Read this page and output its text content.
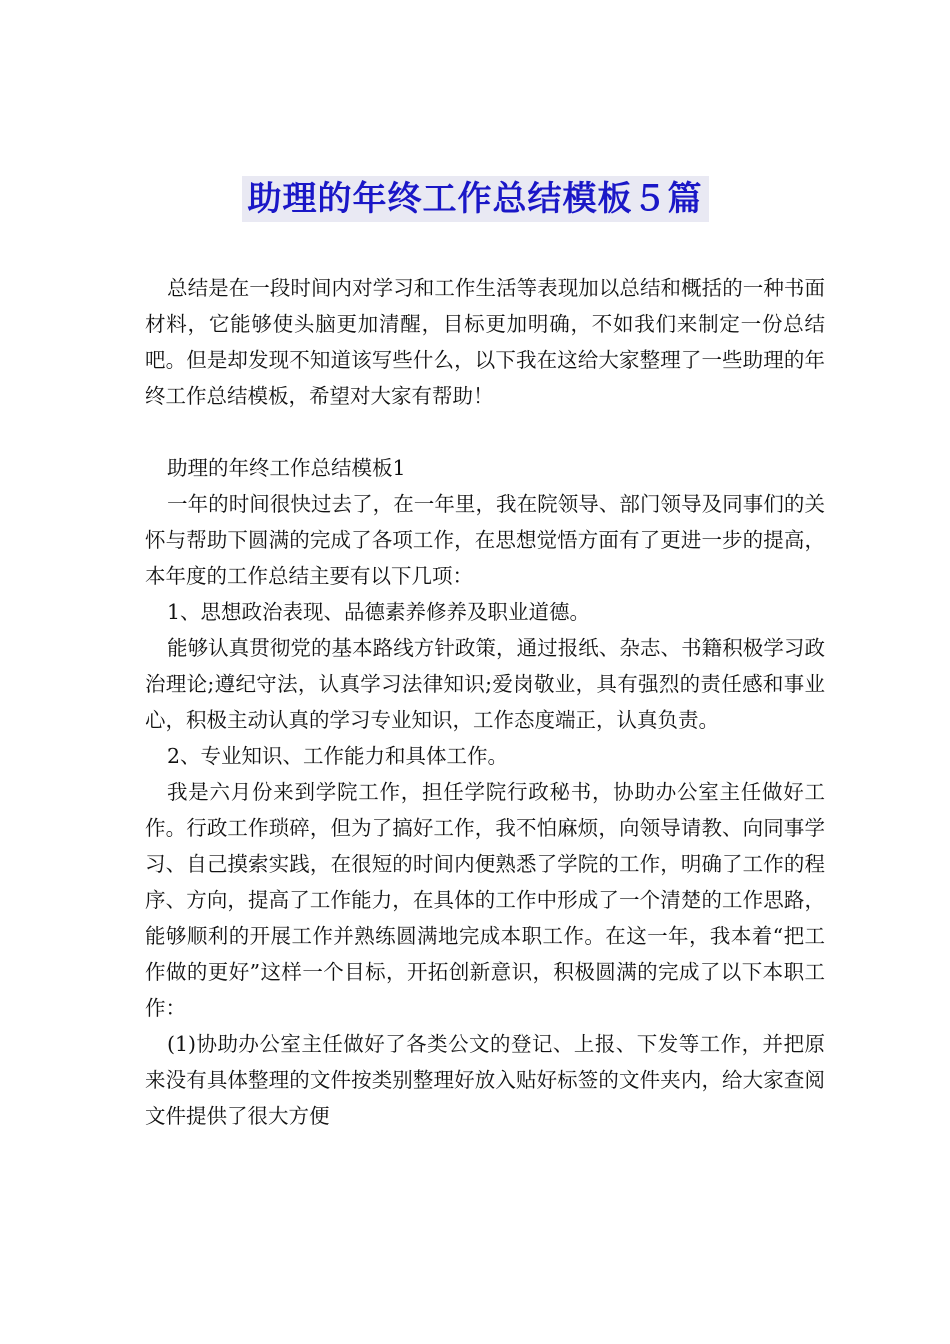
助理的年终工作总结模板５篇

总结是在一段时间内对学习和工作生活等表现加以总结和概括的一种书面材料，它能够使头脑更加清醒，目标更加明确，不如我们来制定一份总结吧。但是却发现不知道该写些什么，以下我在这给大家整理了一些助理的年终工作总结模板，希望对大家有帮助！

助理的年终工作总结模板1

一年的时间很快过去了，在一年里，我在院领导、部门领导及同事们的关怀与帮助下圆满的完成了各项工作，在思想觉悟方面有了更进一步的提高，本年度的工作总结主要有以下几项：

1、思想政治表现、品德素养修养及职业道德。

能够认真贯彻党的基本路线方针政策，通过报纸、杂志、书籍积极学习政治理论;遵纪守法，认真学习法律知识;爱岗敬业，具有强烈的责任感和事业心，积极主动认真的学习专业知识，工作态度端正，认真负责。

2、专业知识、工作能力和具体工作。

我是六月份来到学院工作，担任学院行政秘书，协助办公室主任做好工作。行政工作琐碎，但为了搞好工作，我不怕麻烦，向领导请教、向同事学习、自己摸索实践，在很短的时间内便熟悉了学院的工作，明确了工作的程序、方向，提高了工作能力，在具体的工作中形成了一个清楚的工作思路，能够顺利的开展工作并熟练圆满地完成本职工作。在这一年，我本着“把工作做的更好”这样一个目标，开拓创新意识，积极圆满的完成了以下本职工作：

(1)协助办公室主任做好了各类公文的登记、上报、下发等工作，并把原来没有具体整理的文件按类别整理好放入贴好标签的文件夹内，给大家查阅文件提供了很大方便
